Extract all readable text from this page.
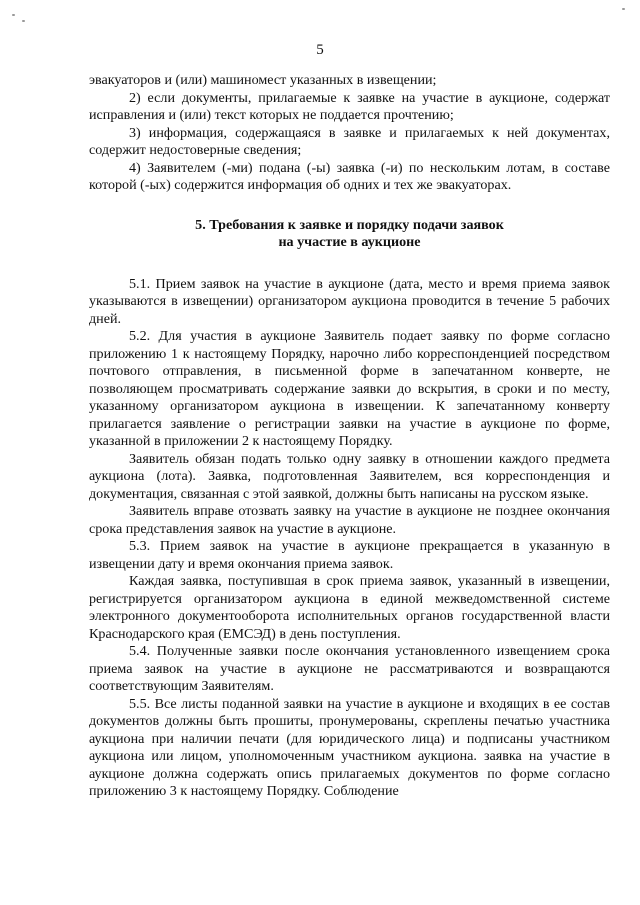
5

эвакуаторов и (или) машиномест указанных в извещении;

2) если документы, прилагаемые к заявке на участие в аукционе, содержат исправления и (или) текст которых не поддается прочтению;

3) информация, содержащаяся в заявке и прилагаемых к ней документах, содержит недостоверные сведения;

4) Заявителем (-ми) подана (-ы) заявка (-и) по нескольким лотам, в составе которой (-ых) содержится информация об одних и тех же эвакуаторах.

5. Требования к заявке и порядку подачи заявок
на участие в аукционе

5.1. Прием заявок на участие в аукционе (дата, место и время приема заявок указываются в извещении) организатором аукциона проводится в течение 5 рабочих дней.

5.2. Для участия в аукционе Заявитель подает заявку по форме согласно приложению 1 к настоящему Порядку, нарочно либо корреспонденцией посредством почтового отправления, в письменной форме в запечатанном конверте, не позволяющем просматривать содержание заявки до вскрытия, в сроки и по месту, указанному организатором аукциона в извещении. К запечатанному конверту прилагается заявление о регистрации заявки на участие в аукционе по форме, указанной в приложении 2 к настоящему Порядку.

Заявитель обязан подать только одну заявку в отношении каждого предмета аукциона (лота). Заявка, подготовленная Заявителем, вся корреспонденция и документация, связанная с этой заявкой, должны быть написаны на русском языке.

Заявитель вправе отозвать заявку на участие в аукционе не позднее окончания срока представления заявок на участие в аукционе.

5.3. Прием заявок на участие в аукционе прекращается в указанную в извещении дату и время окончания приема заявок.

Каждая заявка, поступившая в срок приема заявок, указанный в извещении, регистрируется организатором аукциона в единой межведомственной системе электронного документооборота исполнительных органов государственной власти Краснодарского края (ЕМСЭД) в день поступления.

5.4. Полученные заявки после окончания установленного извещением срока приема заявок на участие в аукционе не рассматриваются и возвращаются соответствующим Заявителям.

5.5. Все листы поданной заявки на участие в аукционе и входящих в ее состав документов должны быть прошиты, пронумерованы, скреплены печатью участника аукциона при наличии печати (для юридического лица) и подписаны участником аукциона или лицом, уполномоченным участником аукциона. заявка на участие в аукционе должна содержать опись прилагаемых документов по форме согласно приложению 3 к настоящему Порядку. Соблюдение
